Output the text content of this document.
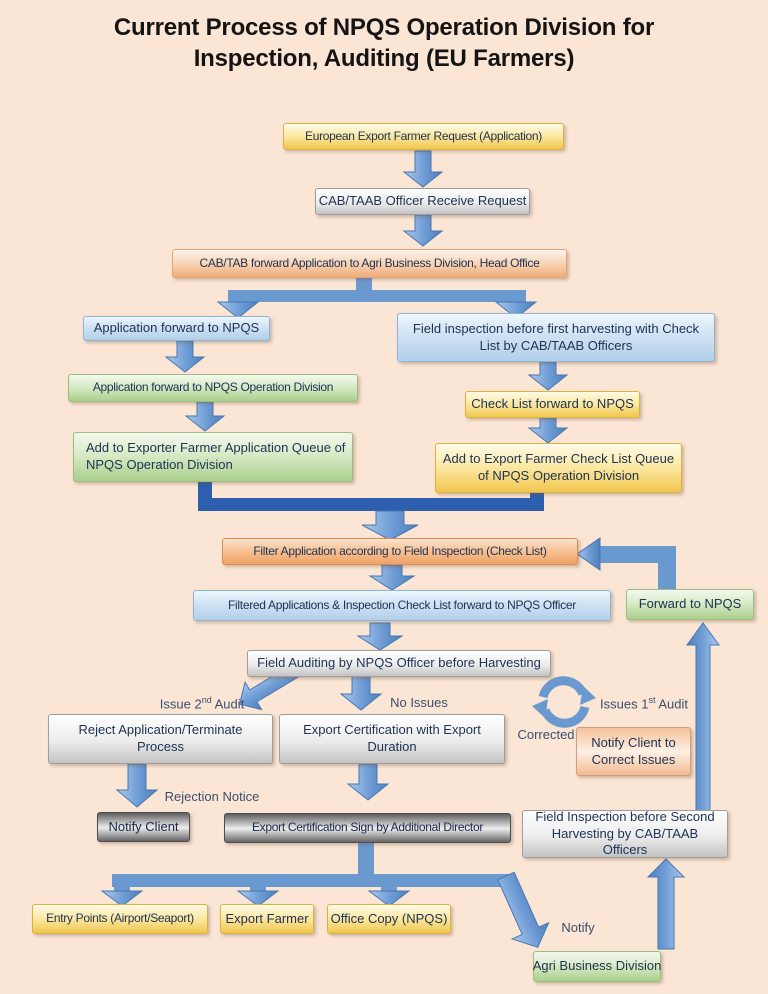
Current Process of NPQS Operation Division for Inspection, Auditing (EU Farmers)
European Export Farmer Request (Application)
CAB/TAAB Officer Receive Request
CAB/TAB forward Application to Agri Business Division, Head Office
Application forward to NPQS	Field inspection before first harvesting with Check List by CAB/TAAB Officers
Application forward to NPQS Operation Division
Check List forward to NPQS
Add to Exporter Farmer Application Queue of NPQS Operation Division	Add to Export Farmer Check List Queue of NPQS Operation Division
Filter Application according to Field Inspection (Check List)
Filtered Applications & Inspection Check List forward to NPQS Officer	Forward to NPQS
Field Auditing by NPQS Officer before Harvesting
Reject Application/Terminate Process
Export Certification with Export Duration	Notify Client to Correct Issues
Notify Client	Export Certification Sign by Additional Director
Field Inspection before Second Harvesting by CAB/TAAB Officers
Entry Points (Airport/Seaport)	Export Farmer	Office Copy (NPQS)
Agri Business Division
Issue 2nd Audit	No Issues	Issues 1st Audit
Corrected
Rejection Notice
Notify
